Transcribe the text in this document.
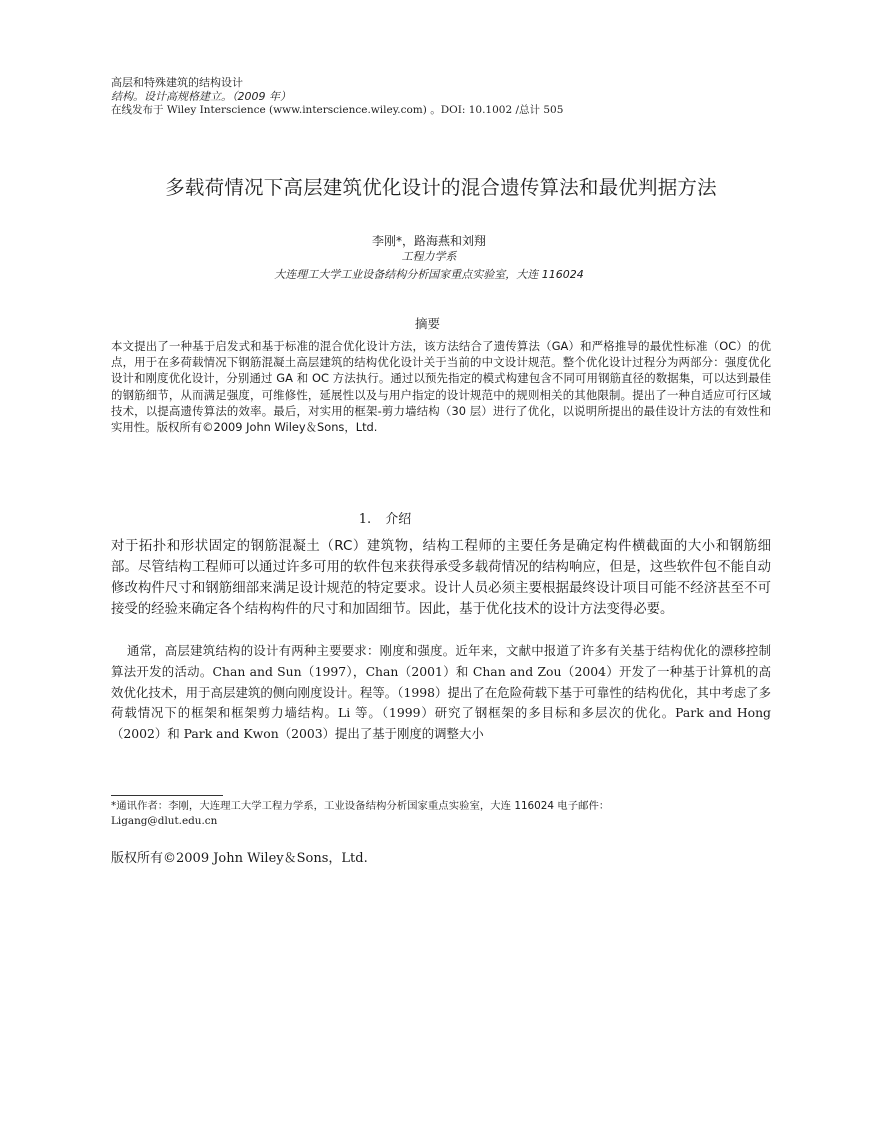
高层和特殊建筑的结构设计
结构。设计高规格建立。（2009 年）
在线发布于 Wiley Interscience (www.interscience.wiley.com) 。DOI: 10.1002 /总计 505
多载荷情况下高层建筑优化设计的混合遗传算法和最优判据方法
李刚*，路海燕和刘翔
工程力学系
大连理工大学工业设备结构分析国家重点实验室，大连 116024
摘要
本文提出了一种基于启发式和基于标准的混合优化设计方法，该方法结合了遗传算法（GA）和严格推导的最优性标准（OC）的优点，用于在多荷载情况下钢筋混凝土高层建筑的结构优化设计关于当前的中文设计规范。整个优化设计过程分为两部分：强度优化设计和刚度优化设计，分别通过 GA 和 OC 方法执行。通过以预先指定的模式构建包含不同可用钢筋直径的数据集，可以达到最佳的钢筋细节，从而满足强度，可维修性，延展性以及与用户指定的设计规范中的规则相关的其他限制。提出了一种自适应可行区域技术，以提高遗传算法的效率。最后，对实用的框架-剪力墙结构（30 层）进行了优化，以说明所提出的最佳设计方法的有效性和实用性。版权所有©2009 John Wiley＆Sons，Ltd.
1. 介绍
对于拓扑和形状固定的钢筋混凝土（RC）建筑物，结构工程师的主要任务是确定构件横截面的大小和钢筋细部。尽管结构工程师可以通过许多可用的软件包来获得承受多载荷情况的结构响应，但是，这些软件包不能自动修改构件尺寸和钢筋细部来满足设计规范的特定要求。设计人员必须主要根据最终设计项目可能不经济甚至不可接受的经验来确定各个结构构件的尺寸和加固细节。因此，基于优化技术的设计方法变得必要。
通常，高层建筑结构的设计有两种主要要求：刚度和强度。近年来，文献中报道了许多有关基于结构优化的漂移控制算法开发的活动。Chan and Sun（1997），Chan（2001）和 Chan and Zou（2004）开发了一种基于计算机的高效优化技术，用于高层建筑的侧向刚度设计。程等。（1998）提出了在危险荷载下基于可靠性的结构优化，其中考虑了多荷载情况下的框架和框架剪力墙结构。Li 等。（1999）研究了钢框架的多目标和多层次的优化。Park and Hong（2002）和 Park and Kwon（2003）提出了基于刚度的调整大小
*通讯作者：李刚，大连理工大学工程力学系，工业设备结构分析国家重点实验室，大连 116024 电子邮件：
Ligang@dlut.edu.cn
版权所有©2009 John Wiley＆Sons，Ltd.
